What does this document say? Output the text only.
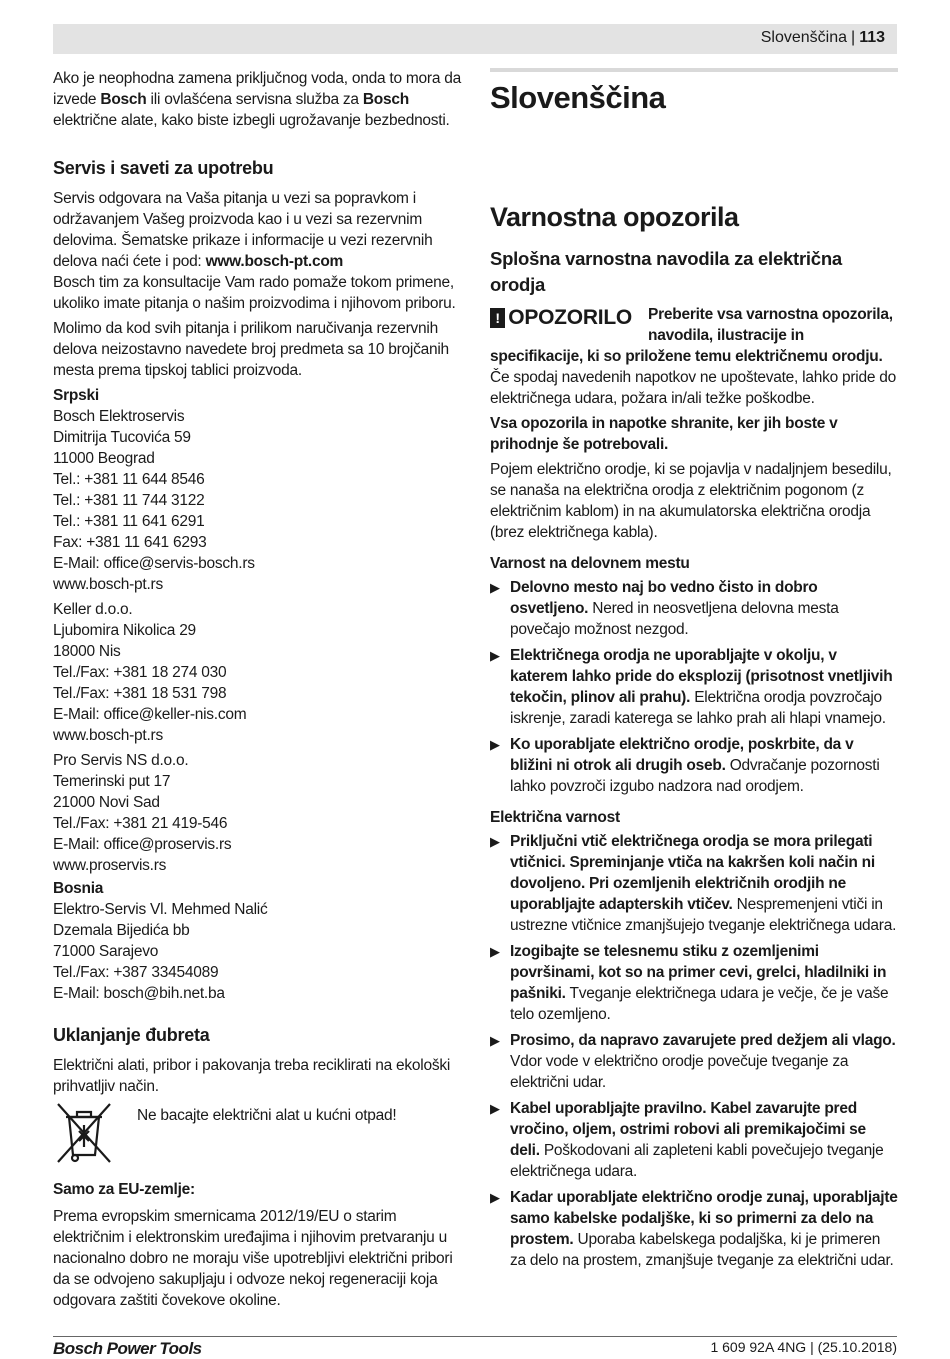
Slovenščina | 113

Ako je neophodna zamena priključnog voda, onda to mora da izvede Bosch ili ovlašćena servisna služba za Bosch električne alate, kako biste izbegli ugrožavanje bezbednosti.

Servis i saveti za upotrebu

Servis odgovara na Vaša pitanja u vezi sa popravkom i održavanjem Vašeg proizvoda kao i u vezi sa rezervnim delovima. Šematske prikaze i informacije u vezi rezervnih delova naći ćete i pod: www.bosch-pt.com

Bosch tim za konsultacije Vam rado pomaže tokom primene, ukoliko imate pitanja o našim proizvodima i njihovom priboru.

Molimo da kod svih pitanja i prilikom naručivanja rezervnih delova neizostavno navedete broj predmeta sa 10 brojčanih mesta prema tipskoj tablici proizvoda.

Srpski
Bosch Elektroservis
Dimitrija Tucovića 59
11000 Beograd
Tel.: +381 11 644 8546
Tel.: +381 11 744 3122
Tel.: +381 11 641 6291
Fax: +381 11 641 6293
E-Mail: office@servis-bosch.rs
www.bosch-pt.rs
Keller d.o.o.
Ljubomira Nikolica 29
18000 Nis
Tel./Fax: +381 18 274 030
Tel./Fax: +381 18 531 798
E-Mail: office@keller-nis.com
www.bosch-pt.rs
Pro Servis NS d.o.o.
Temerinski put 17
21000 Novi Sad
Tel./Fax: +381 21 419-546
E-Mail: office@proservis.rs
www.proservis.rs
Bosnia
Elektro-Servis Vl. Mehmed Nalić
Dzemala Bijedića bb
71000 Sarajevo
Tel./Fax: +387 33454089
E-Mail: bosch@bih.net.ba
Uklanjanje đubreta

Električni alati, pribor i pakovanja treba reciklirati na ekološki prihvatljiv način.

Ne bacajte električni alat u kućni otpad!
Samo za EU-zemlje:

Prema evropskim smernicama 2012/19/EU o starim električnim i elektronskim uređajima i njihovim pretvaranju u nacionalno dobro ne moraju više upotrebljivi električni pribori da se odvojeno sakupljaju i odvoze nekoj regeneraciji koja odgovara zaštiti čovekove okoline.

Slovenščina
Varnostna opozorila
Splošna varnostna navodila za električna orodja
! OPOZORILO Preberite vsa varnostna opozorila, navodila, ilustracije in specifikacije, ki so priložene temu električnemu orodju. Če spodaj navedenih napotkov ne upoštevate, lahko pride do električnega udara, požara in/ali težke poškodbe.

Vsa opozorila in napotke shranite, ker jih boste v prihodnje še potrebovali.

Pojem električno orodje, ki se pojavlja v nadaljnjem besedilu, se nanaša na električna orodja z električnim pogonom (z električnim kablom) in na akumulatorska električna orodja (brez električnega kabla).

Varnost na delovnem mestu
▶ Delovno mesto naj bo vedno čisto in dobro osvetljeno. Nered in neosvetljena delovna mesta povečajo možnost nezgod.
▶ Električnega orodja ne uporabljajte v okolju, v katerem lahko pride do eksplozij (prisotnost vnetljivih tekočin, plinov ali prahu). Električna orodja povzročajo iskrenje, zaradi katerega se lahko prah ali hlapi vnamejo.
▶ Ko uporabljate električno orodje, poskrbite, da v bližini ni otrok ali drugih oseb. Odvračanje pozornosti lahko povzroči izgubo nadzora nad orodjem.
Električna varnost
▶ Priključni vtič električnega orodja se mora prilegati vtičnici. Spreminjanje vtiča na kakršen koli način ni dovoljeno. Pri ozemljenih električnih orodjih ne uporabljajte adapterskih vtičev. Nespremenjeni vtiči in ustrezne vtičnice zmanjšujejo tveganje električnega udara.
▶ Izogibajte se telesnemu stiku z ozemljenimi površinami, kot so na primer cevi, grelci, hladilniki in pašniki. Tveganje električnega udara je večje, če je vaše telo ozemljeno.
▶ Prosimo, da napravo zavarujete pred dežjem ali vlago. Vdor vode v električno orodje povečuje tveganje za električni udar.
▶ Kabel uporabljajte pravilno. Kabel zavarujte pred vročino, oljem, ostrimi robovi ali premikajočimi se deli. Poškodovani ali zapleteni kabli povečujejo tveganje električnega udara.
▶ Kadar uporabljate električno orodje zunaj, uporabljajte samo kabelske podaljške, ki so primerni za delo na prostem. Uporaba kabelskega podaljška, ki je primeren za delo na prostem, zmanjšuje tveganje za električni udar.
Bosch Power Tools	1 609 92A 4NG | (25.10.2018)
